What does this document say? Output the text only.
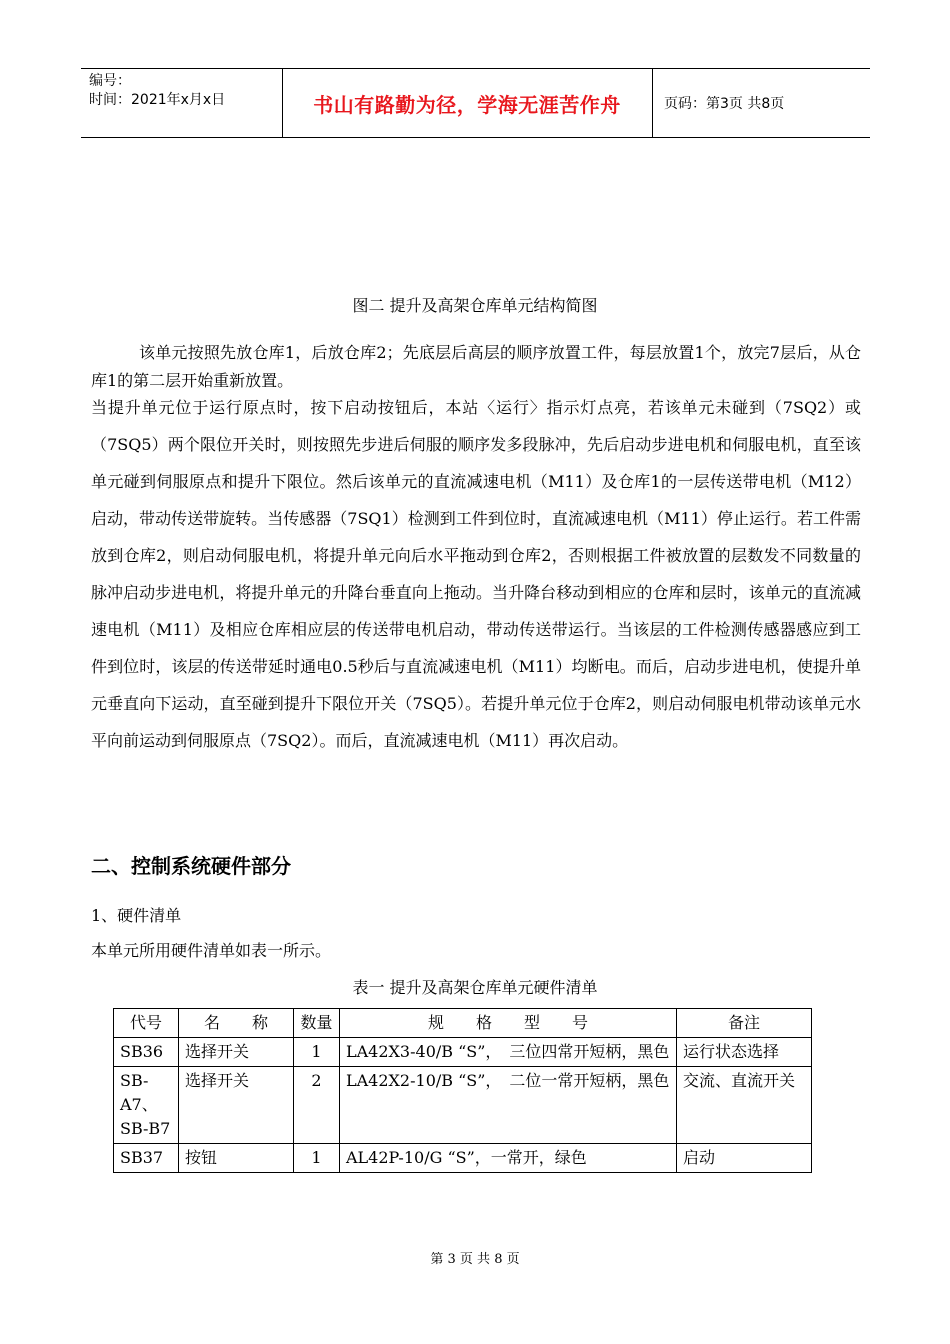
编号：
时间：2021年x月x日	书山有路勤为径，学海无涯苦作舟	页码：第3页 共8页
图二 提升及高架仓库单元结构简图

该单元按照先放仓库1，后放仓库2；先底层后高层的顺序放置工件，每层放置1个，放完7层后，从仓库1的第二层开始重新放置。

当提升单元位于运行原点时，按下启动按钮后，本站〈运行〉指示灯点亮，若该单元未碰到（7SQ2）或（7SQ5）两个限位开关时，则按照先步进后伺服的顺序发多段脉冲，先后启动步进电机和伺服电机，直至该单元碰到伺服原点和提升下限位。然后该单元的直流减速电机（M11）及仓库1的一层传送带电机（M12）启动，带动传送带旋转。当传感器（7SQ1）检测到工件到位时，直流减速电机（M11）停止运行。若工件需放到仓库2，则启动伺服电机，将提升单元向后水平拖动到仓库2，否则根据工件被放置的层数发不同数量的脉冲启动步进电机，将提升单元的升降台垂直向上拖动。当升降台移动到相应的仓库和层时，该单元的直流减速电机（M11）及相应仓库相应层的传送带电机启动，带动传送带运行。当该层的工件检测传感器感应到工件到位时，该层的传送带延时通电0.5秒后与直流减速电机（M11）均断电。而后，启动步进电机，使提升单元垂直向下运动，直至碰到提升下限位开关（7SQ5）。若提升单元位于仓库2，则启动伺服电机带动该单元水平向前运动到伺服原点（7SQ2）。而后，直流减速电机（M11）再次启动。

二、控制系统硬件部分
1、硬件清单
本单元所用硬件清单如表一所示。
表一 提升及高架仓库单元硬件清单
代号	名　　称	数量	规　　格　　型　　号	备注
SB36	选择开关	1	LA42X3-40/B “S”，　三位四常开短柄，黑色	运行状态选择
SB-A7、SB-B7	选择开关	2	LA42X2-10/B “S”，　二位一常开短柄，黑色	交流、直流开关
SB37	按钮	1	AL42P-10/G “S”，一常开，绿色	启动
第 3 页 共 8 页
